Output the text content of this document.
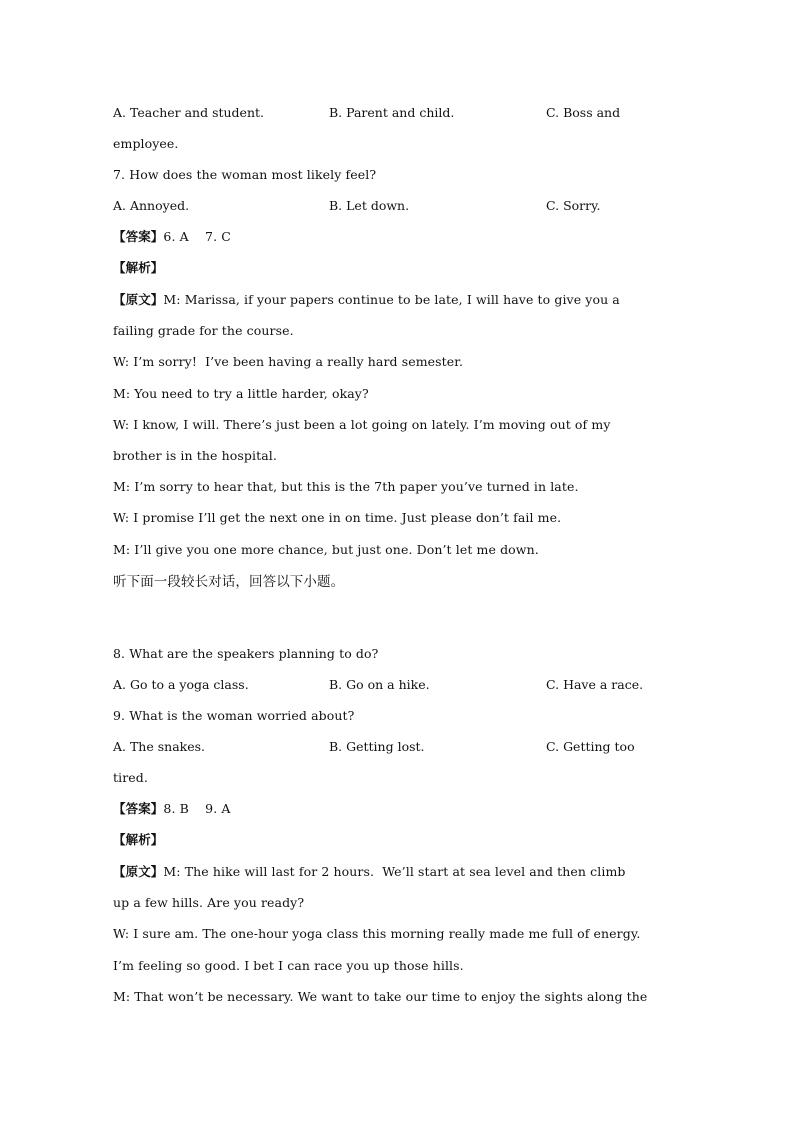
A. Teacher and student.	B. Parent and child.	C. Boss and
employee.
7. How does the woman most likely feel?
A. Annoyed.	B. Let down.	C. Sorry.
【答案】6. A    7. C
【解析】
【原文】M: Marissa, if your papers continue to be late, I will have to give you a
failing grade for the course.
W: I’m sorry!  I’ve been having a really hard semester.
M: You need to try a little harder, okay?
W: I know, I will. There’s just been a lot going on lately. I’m moving out of my
brother is in the hospital.
M: I’m sorry to hear that, but this is the 7th paper you’ve turned in late.
W: I promise I’ll get the next one in on time. Just please don’t fail me.
M: I’ll give you one more chance, but just one. Don’t let me down.
听下面一段较长对话，回答以下小题。
8. What are the speakers planning to do?
A. Go to a yoga class.	B. Go on a hike.	C. Have a race.
9. What is the woman worried about?
A. The snakes.	B. Getting lost.	C. Getting too
tired.
【答案】8. B    9. A
【解析】
【原文】M: The hike will last for 2 hours.  We’ll start at sea level and then climb
up a few hills. Are you ready?
W: I sure am. The one-hour yoga class this morning really made me full of energy.
I’m feeling so good. I bet I can race you up those hills.
M: That won’t be necessary. We want to take our time to enjoy the sights along the
